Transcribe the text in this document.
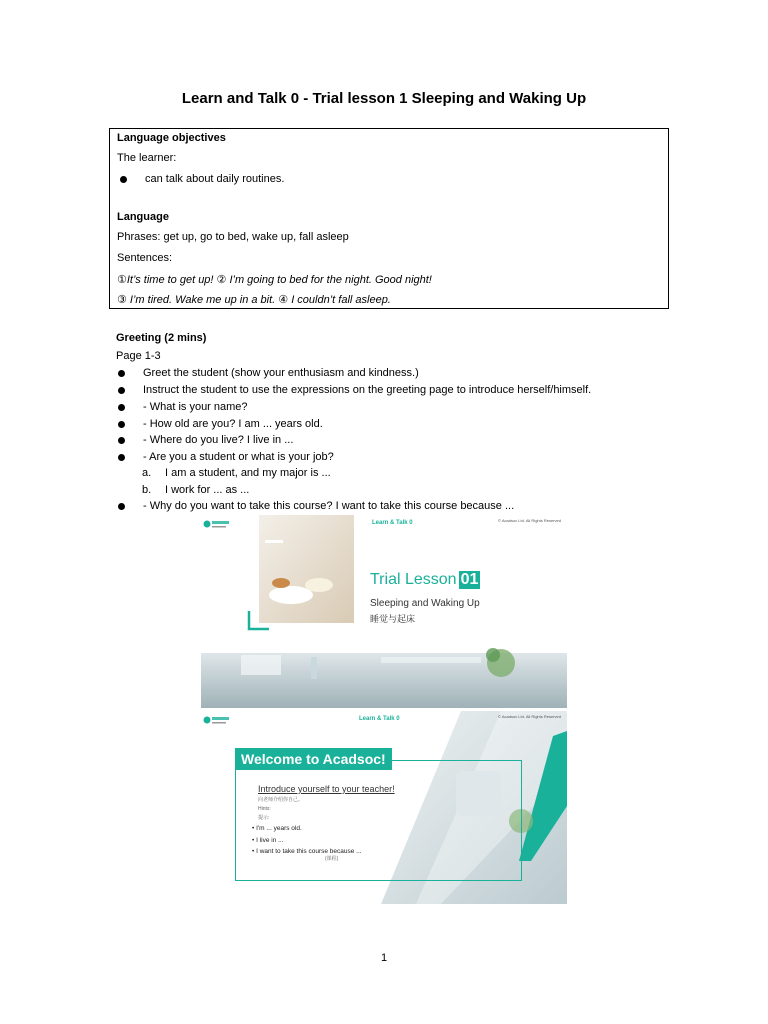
Learn and Talk 0 - Trial lesson 1 Sleeping and Waking Up
Language objectives
The learner:
can talk about daily routines.
Language
Phrases: get up, go to bed, wake up, fall asleep
Sentences:
①It’s time to get up! ② I’m going to bed for the night. Good night!
③ I’m tired. Wake me up in a bit. ④ I couldn’t fall asleep.
Greeting (2 mins)
Page 1-3
Greet the student (show your enthusiasm and kindness.)
Instruct the student to use the expressions on the greeting page to introduce herself/himself.
- What is your name?
- How old are you? I am ... years old.
- Where do you live? I live in ...
- Are you a student or what is your job?
a. I am a student, and my major is ...
b. I work for ... as ...
- Why do you want to take this course? I want to take this course because ...
Learn & Talk 0	© Acadsoc Ltd. All Rights Reserved
Trial Lesson 01
Sleeping and Waking Up
睡觉与起床
Learn & Talk 0	© Acadsoc Ltd. All Rights Reserved
Welcome to Acadsoc!
Introduce yourself to your teacher!
向老师介绍你自己。
Hints:
提示:
• I'm ... years old.
• I live in ...
• I want to take this course because ...
(课程)
1
